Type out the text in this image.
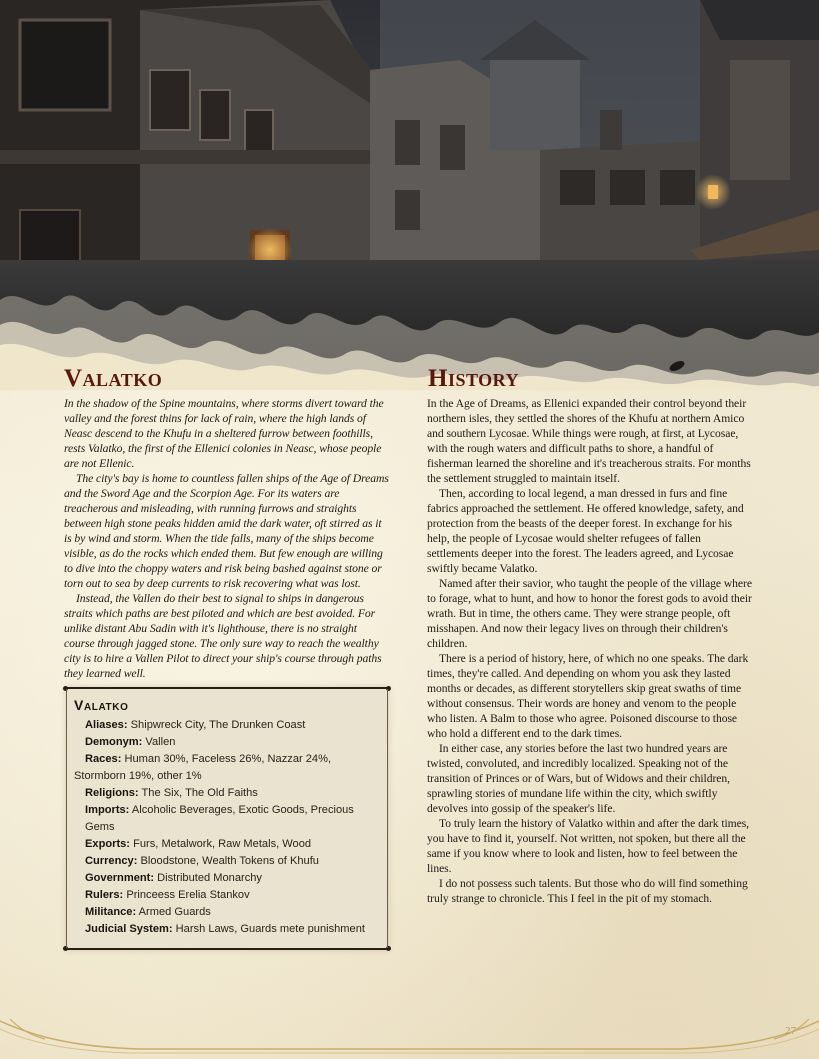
Valatko

In the shadow of the Spine mountains, where storms divert toward the valley and the forest thins for lack of rain, where the high lands of Neasc descend to the Khufu in a sheltered furrow between foothills, rests Valatko, the first of the Ellenici colonies in Neasc, whose people are not Ellenic.

The city's bay is home to countless fallen ships of the Age of Dreams and the Sword Age and the Scorpion Age. For its waters are treacherous and misleading, with running furrows and straights between high stone peaks hidden amid the dark water, oft stirred as it is by wind and storm. When the tide falls, many of the ships become visible, as do the rocks which ended them. But few enough are willing to dive into the choppy waters and risk being bashed against stone or torn out to sea by deep currents to risk recovering what was lost.

Instead, the Vallen do their best to signal to ships in dangerous straits which paths are best piloted and which are best avoided. For unlike distant Abu Sadin with it's lighthouse, there is no straight course through jagged stone. The only sure way to reach the wealthy city is to hire a Vallen Pilot to direct your ship's course through paths they learned well.

Valatko
Aliases: Shipwreck City, The Drunken Coast
Demonym: Vallen
Races: Human 30%, Faceless 26%, Nazzar 24%, Stormborn 19%, other 1%
Religions: The Six, The Old Faiths
Imports: Alcoholic Beverages, Exotic Goods, Precious Gems
Exports: Furs, Metalwork, Raw Metals, Wood
Currency: Bloodstone, Wealth Tokens of Khufu
Government: Distributed Monarchy
Rulers: Princeess Erelia Stankov
Militance: Armed Guards
Judicial System: Harsh Laws, Guards mete punishment
History

In the Age of Dreams, as Ellenici expanded their control beyond their northern isles, they settled the shores of the Khufu at northern Amico and southern Lycosae. While things were rough, at first, at Lycosae, with the rough waters and difficult paths to shore, a handful of fisherman learned the shoreline and it's treacherous straits. For months the settlement struggled to maintain itself.

Then, according to local legend, a man dressed in furs and fine fabrics approached the settlement. He offered knowledge, safety, and protection from the beasts of the deeper forest. In exchange for his help, the people of Lycosae would shelter refugees of fallen settlements deeper into the forest. The leaders agreed, and Lycosae swiftly became Valatko.

Named after their savior, who taught the people of the village where to forage, what to hunt, and how to honor the forest gods to avoid their wrath. But in time, the others came. They were strange people, oft misshapen. And now their legacy lives on through their children's children.

There is a period of history, here, of which no one speaks. The dark times, they're called. And depending on whom you ask they lasted months or decades, as different storytellers skip great swaths of time without consensus. Their words are honey and venom to the people who listen. A Balm to those who agree. Poisoned discourse to those who hold a different end to the dark times.

In either case, any stories before the last two hundred years are twisted, convoluted, and incredibly localized. Speaking not of the transition of Princes or of Wars, but of Widows and their children, sprawling stories of mundane life within the city, which swiftly devolves into gossip of the speaker's life.

To truly learn the history of Valatko within and after the dark times, you have to find it, yourself. Not written, not spoken, but there all the same if you know where to look and listen, how to feel between the lines.

I do not possess such talents. But those who do will find something truly strange to chronicle. This I feel in the pit of my stomach.

27
